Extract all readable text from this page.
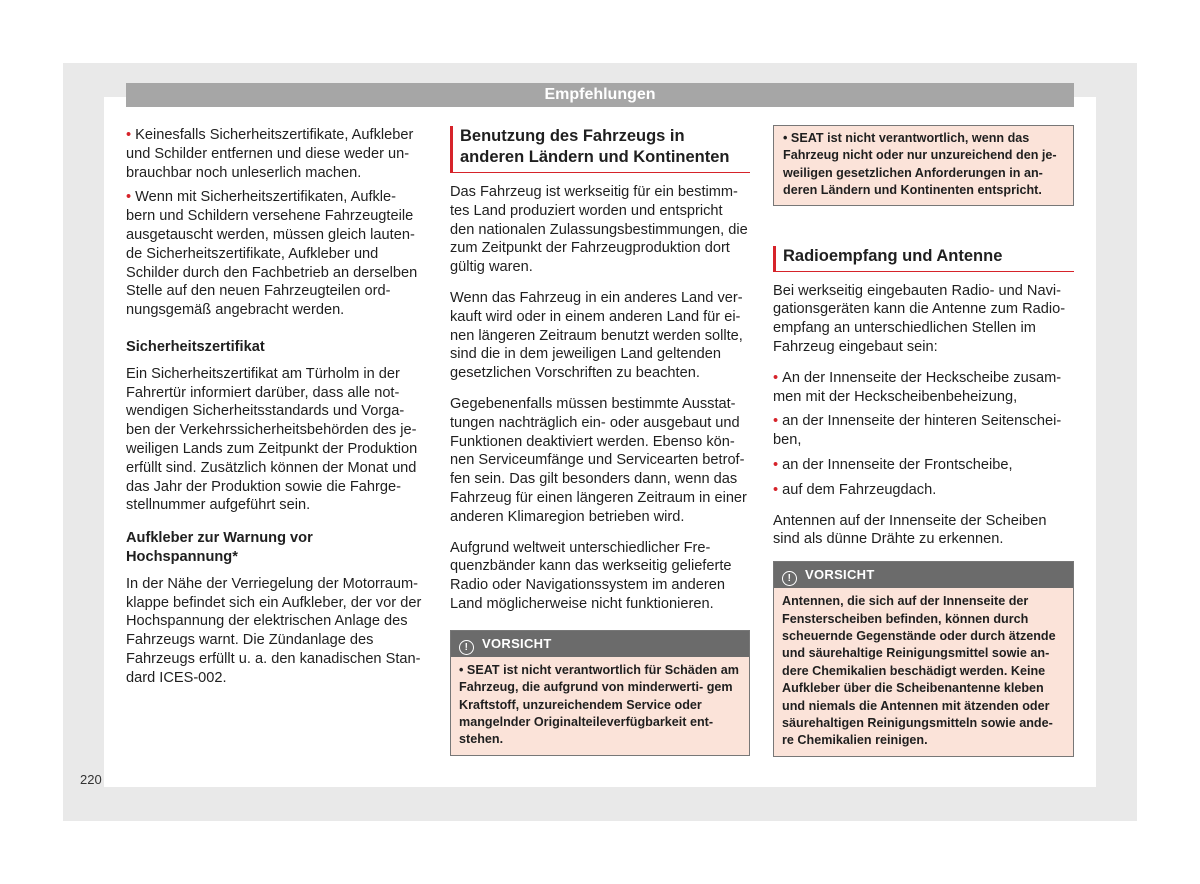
Empfehlungen

• Keinesfalls Sicherheitszertifikate, Aufkleber und Schilder entfernen und diese weder un- brauchbar noch unleserlich machen.

• Wenn mit Sicherheitszertifikaten, Aufkle- bern und Schildern versehene Fahrzeugteile ausgetauscht werden, müssen gleich lauten- de Sicherheitszertifikate, Aufkleber und Schilder durch den Fachbetrieb an derselben Stelle auf den neuen Fahrzeugteilen ord- nungsgemäß angebracht werden.

Sicherheitszertifikat

Ein Sicherheitszertifikat am Türholm in der Fahrertür informiert darüber, dass alle not- wendigen Sicherheitsstandards und Vorga- ben der Verkehrssicherheitsbehörden des je- weiligen Lands zum Zeitpunkt der Produktion erfüllt sind. Zusätzlich können der Monat und das Jahr der Produktion sowie die Fahrge- stellnummer aufgeführt sein.

Aufkleber zur Warnung vor Hochspannung*

In der Nähe der Verriegelung der Motorraum- klappe befindet sich ein Aufkleber, der vor der Hochspannung der elektrischen Anlage des Fahrzeugs warnt. Die Zündanlage des Fahrzeugs erfüllt u. a. den kanadischen Stan- dard ICES-002.

Benutzung des Fahrzeugs in anderen Ländern und Kontinenten

Das Fahrzeug ist werkseitig für ein bestimm- tes Land produziert worden und entspricht den nationalen Zulassungsbestimmungen, die zum Zeitpunkt der Fahrzeugproduktion dort gültig waren.

Wenn das Fahrzeug in ein anderes Land ver- kauft wird oder in einem anderen Land für ei- nen längeren Zeitraum benutzt werden sollte, sind die in dem jeweiligen Land geltenden gesetzlichen Vorschriften zu beachten.

Gegebenenfalls müssen bestimmte Ausstat- tungen nachträglich ein- oder ausgebaut und Funktionen deaktiviert werden. Ebenso kön- nen Serviceumfänge und Servicearten betrof- fen sein. Das gilt besonders dann, wenn das Fahrzeug für einen längeren Zeitraum in einer anderen Klimaregion betrieben wird.

Aufgrund weltweit unterschiedlicher Fre- quenzbänder kann das werkseitig gelieferte Radio oder Navigationssystem im anderen Land möglicherweise nicht funktionieren.

! VORSICHT
• SEAT ist nicht verantwortlich für Schäden am Fahrzeug, die aufgrund von minderwerti- gem Kraftstoff, unzureichendem Service oder mangelnder Originalteileverfügbarkeit ent- stehen.
• SEAT ist nicht verantwortlich, wenn das Fahrzeug nicht oder nur unzureichend den je- weiligen gesetzlichen Anforderungen in an- deren Ländern und Kontinenten entspricht.
Radioempfang und Antenne

Bei werkseitig eingebauten Radio- und Navi- gationsgeräten kann die Antenne zum Radio- empfang an unterschiedlichen Stellen im Fahrzeug eingebaut sein:

• An der Innenseite der Heckscheibe zusam- men mit der Heckscheibenbeheizung,

• an der Innenseite der hinteren Seitenschei- ben,

• an der Innenseite der Frontscheibe,

• auf dem Fahrzeugdach.

Antennen auf der Innenseite der Scheiben sind als dünne Drähte zu erkennen.

! VORSICHT
Antennen, die sich auf der Innenseite der Fensterscheiben befinden, können durch scheuernde Gegenstände oder durch ätzende und säurehaltige Reinigungsmittel sowie an- dere Chemikalien beschädigt werden. Keine Aufkleber über die Scheibenantenne kleben und niemals die Antennen mit ätzenden oder säurehaltigen Reinigungsmitteln sowie ande- re Chemikalien reinigen.
220
